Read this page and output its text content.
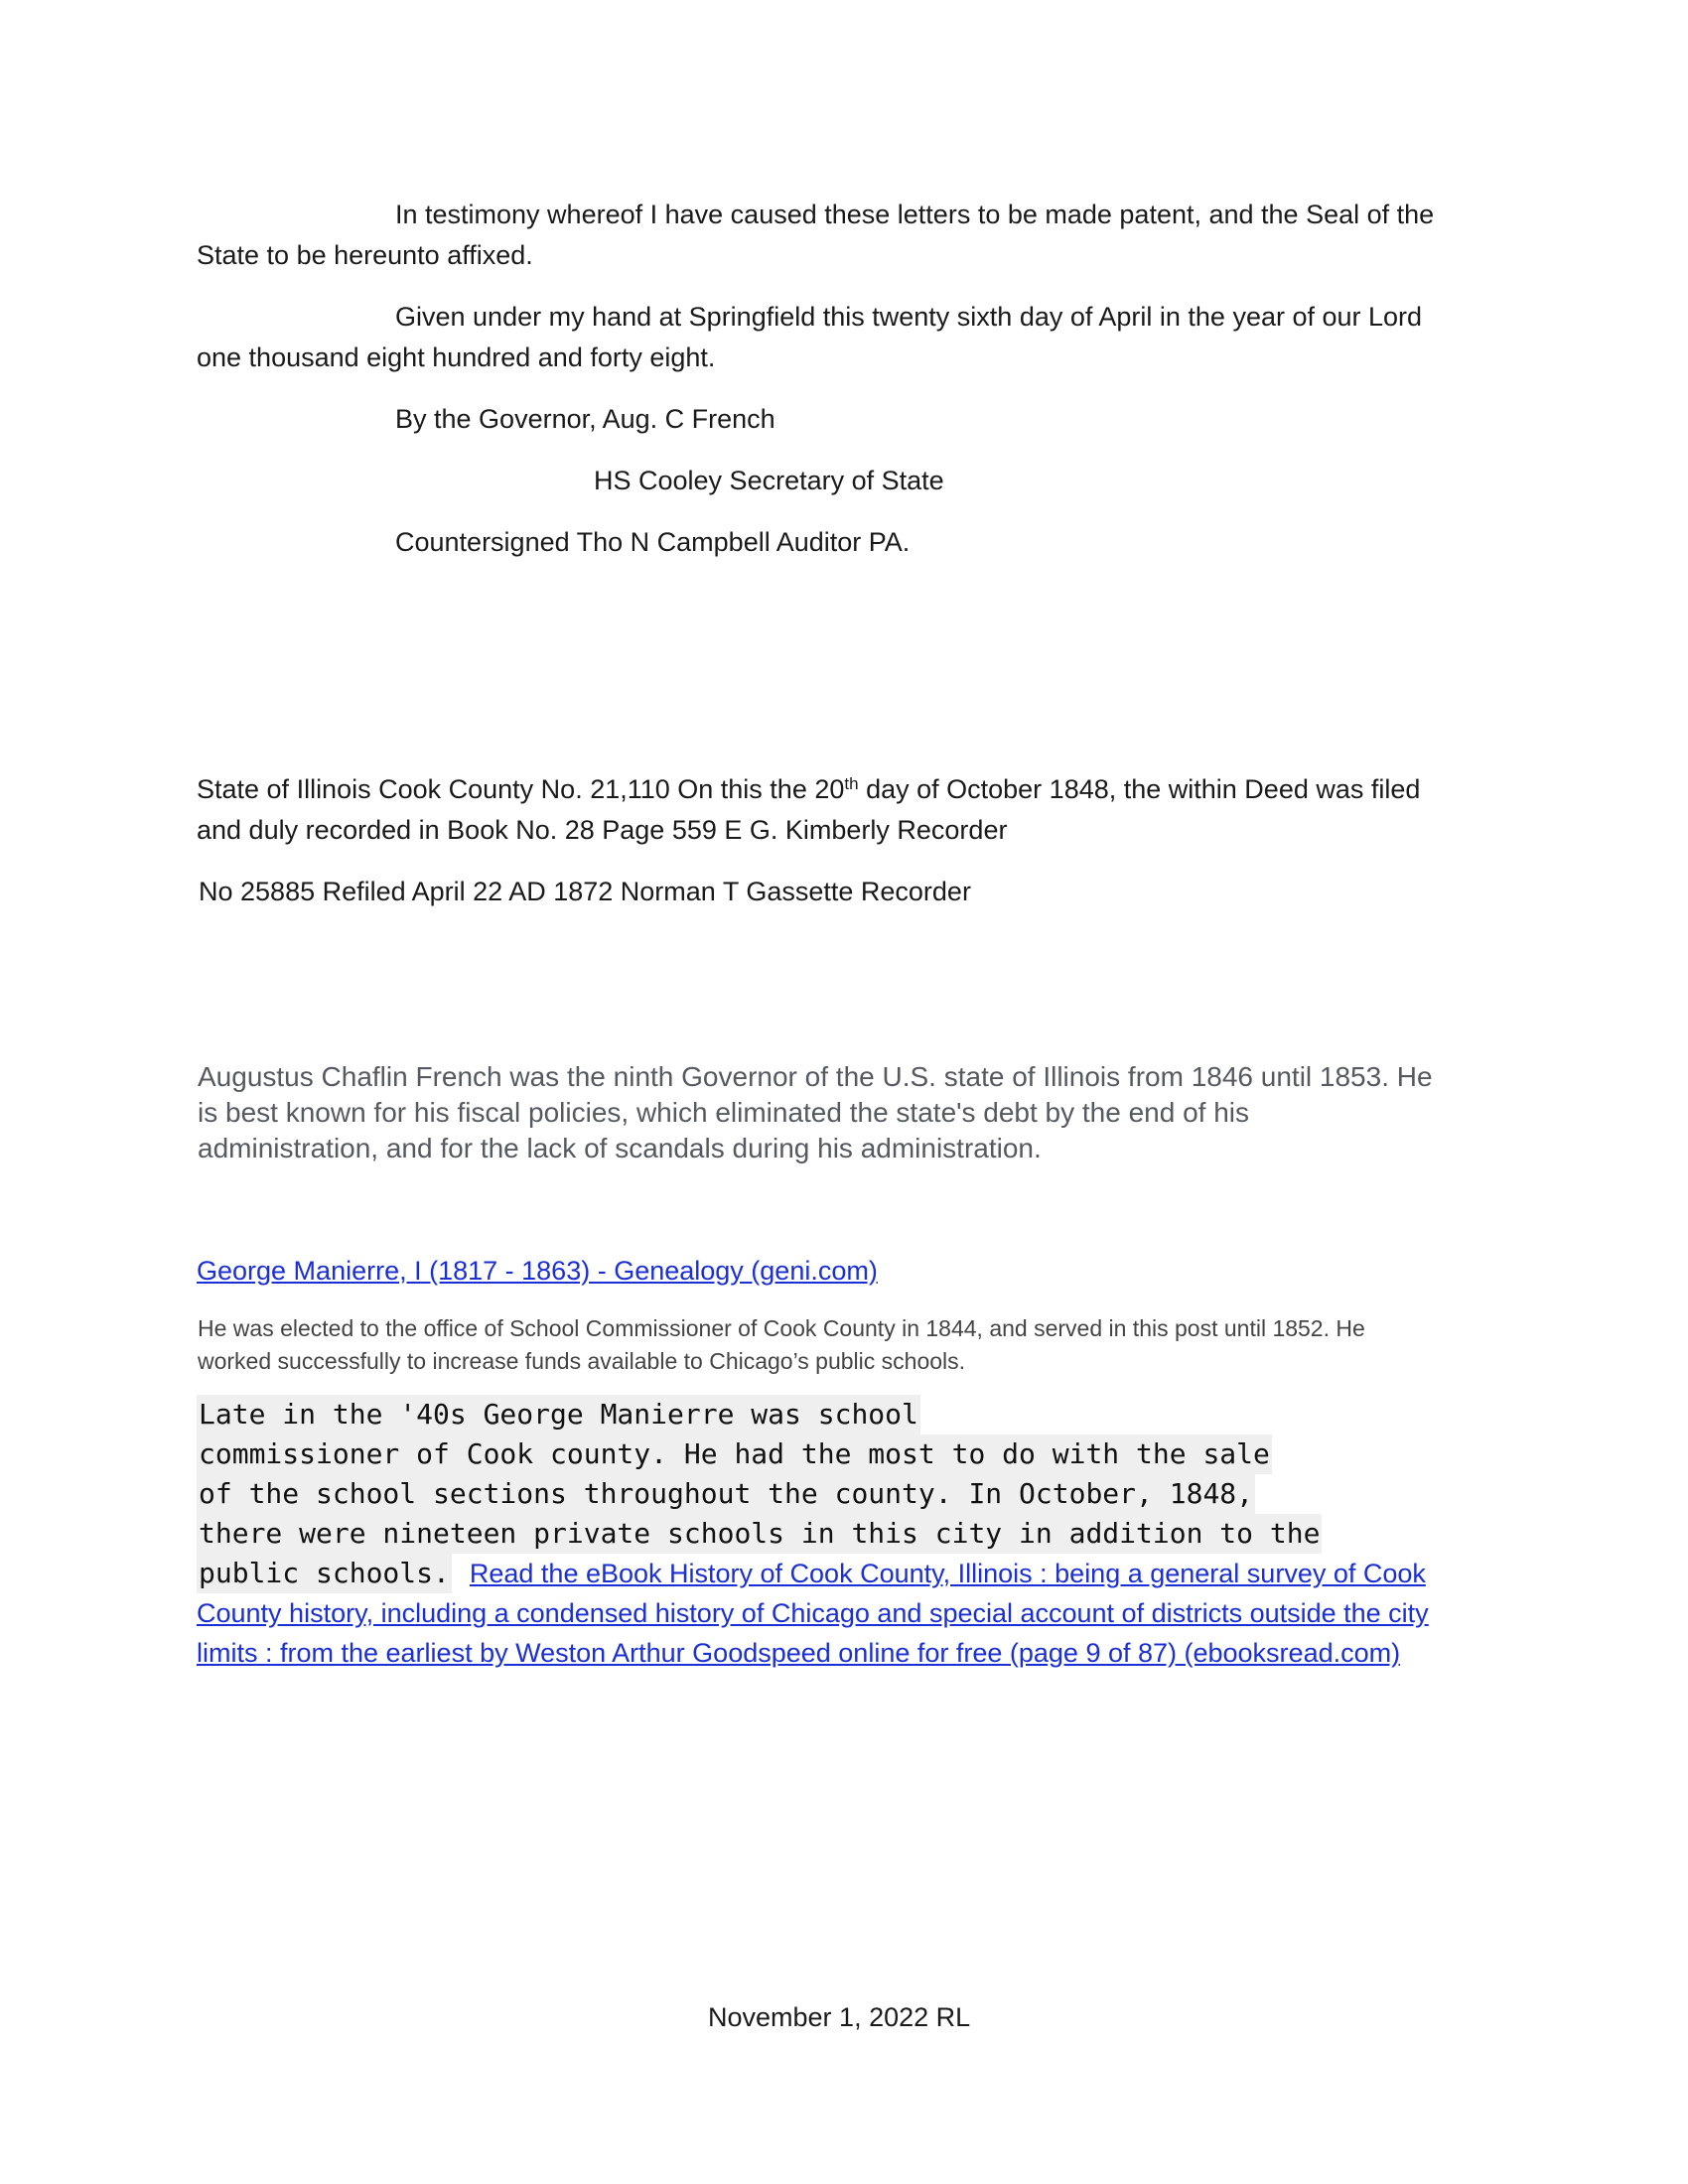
In testimony whereof I have caused these letters to be made patent, and the Seal of the
State to be hereunto affixed.
Given under my hand at Springfield this twenty sixth day of April in the year of our Lord
one thousand eight hundred and forty eight.
By the Governor, Aug. C French
HS Cooley Secretary of State
Countersigned Tho N Campbell Auditor PA.
State of Illinois Cook County No. 21,110 On this the 20th day of October 1848, the within Deed was filed
and duly recorded in Book No. 28 Page 559 E G. Kimberly Recorder
No 25885 Refiled April 22 AD 1872 Norman T Gassette Recorder
Augustus Chaflin French was the ninth Governor of the U.S. state of Illinois from 1846 until 1853. He
is best known for his fiscal policies, which eliminated the state's debt by the end of his
administration, and for the lack of scandals during his administration.
George Manierre, I (1817 - 1863) - Genealogy (geni.com)
He was elected to the office of School Commissioner of Cook County in 1844, and served in this post until 1852. He
worked successfully to increase funds available to Chicago’s public schools.
Late in the '40s George Manierre was school
commissioner of Cook county. He had the most to do with the sale
of the school sections throughout the county. In October, 1848,
there were nineteen private schools in this city in addition to the
public schools. Read the eBook History of Cook County, Illinois : being a general survey of Cook
County history, including a condensed history of Chicago and special account of districts outside the city
limits : from the earliest by Weston Arthur Goodspeed online for free (page 9 of 87) (ebooksread.com)
November 1, 2022 RL
